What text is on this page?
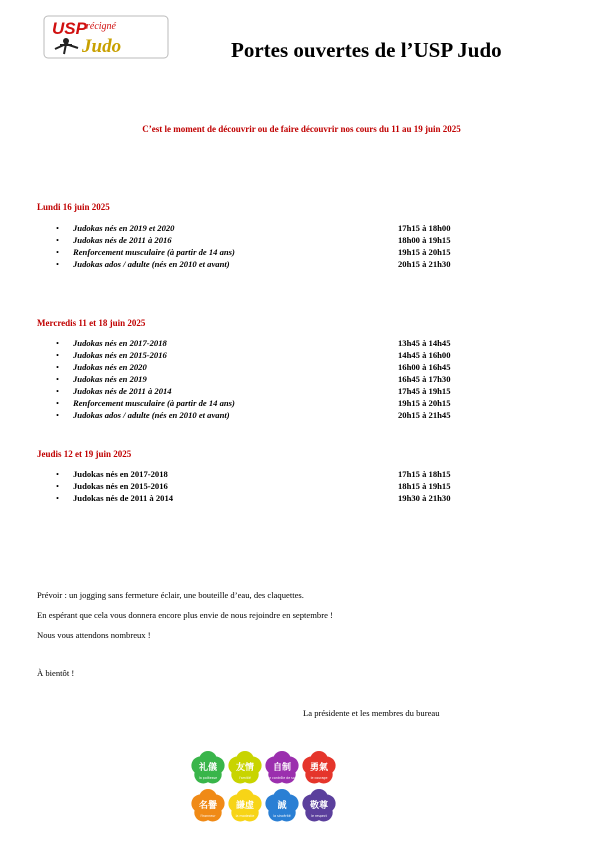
USP récigné
Judo	Portes ouvertes de l’USP Judo
C’est le moment de découvrir ou de faire découvrir nos cours du 11 au 19 juin 2025
Lundi 16 juin 2025
• Judokas nés en 2019 et 2020	17h15 à 18h00
• Judokas nés de 2011 à 2016	18h00 à 19h15
• Renforcement musculaire (à partir de 14 ans)	19h15 à 20h15
• Judokas ados / adulte (nés en 2010 et avant)	20h15 à 21h30
Mercredis 11 et 18 juin 2025
• Judokas nés en 2017-2018	13h45 à 14h45
• Judokas nés en 2015-2016	14h45 à 16h00
• Judokas nés en 2020	16h00 à 16h45
• Judokas nés en 2019	16h45 à 17h30
• Judokas nés de 2011 à 2014	17h45 à 19h15
• Renforcement musculaire (à partir de 14 ans)	19h15 à 20h15
• Judokas ados / adulte (nés en 2010 et avant)	20h15 à 21h45
Jeudis 12 et 19 juin 2025
• Judokas nés en 2017-2018	17h15 à 18h15
• Judokas nés en 2015-2016	18h15 à 19h15
• Judokas nés de 2011 à 2014	19h30 à 21h30
Prévoir : un jogging sans fermeture éclair, une bouteille d’eau, des claquettes.
En espérant que cela vous donnera encore plus envie de nous rejoindre en septembre !
Nous vous attendons nombreux !
À bientôt !
La présidente et les membres du bureau
礼儀
la politesse
友情
l'amitié
自制
le contrôle de soi
勇氣
le courage
名譽
l'honneur
謙虚
la modestie
誠
la sincérité
敬尊
le respect
